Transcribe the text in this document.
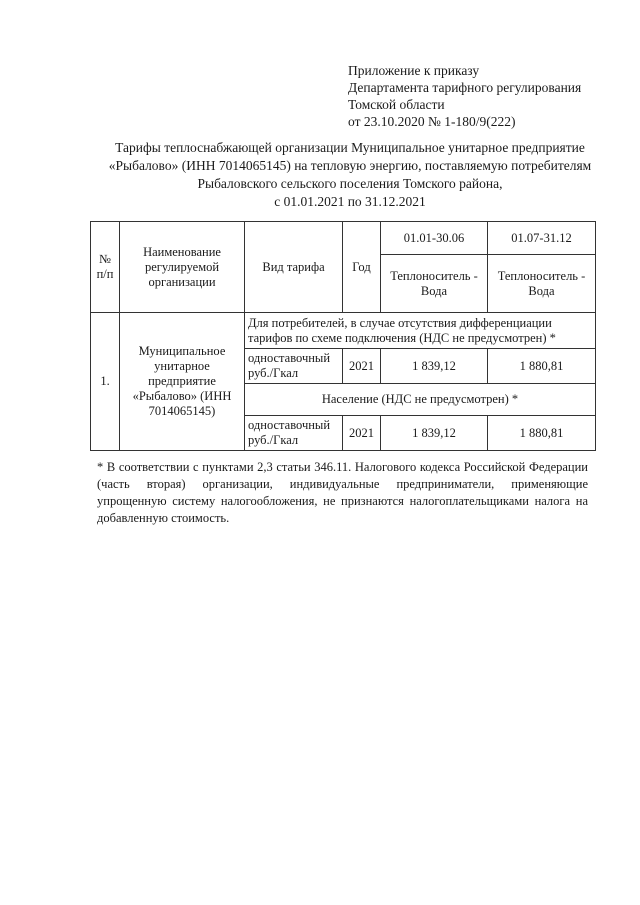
Приложение к приказу
Департамента тарифного регулирования
Томской области
от 23.10.2020 № 1-180/9(222)
Тарифы теплоснабжающей организации Муниципальное унитарное предприятие
«Рыбалово» (ИНН 7014065145) на тепловую энергию, поставляемую потребителям
Рыбаловского сельского поселения Томского района,
с 01.01.2021 по 31.12.2021
№ п/п	Наименование регулируемой организации	Вид тарифа	Год	01.01-30.06	01.07-31.12
				Теплоноситель - Вода	Теплоноситель - Вода
1.	Муниципальное унитарное предприятие «Рыбалово» (ИНН 7014065145)	Для потребителей, в случае отсутствия дифференциации тарифов по схеме подключения (НДС не предусмотрен) *			
		одноставочный руб./Гкал	2021	1 839,12	1 880,81
		Население (НДС не предусмотрен) *			
		одноставочный руб./Гкал	2021	1 839,12	1 880,81
* В соответствии с пунктами 2,3 статьи 346.11. Налогового кодекса Российской Федерации (часть вторая) организации, индивидуальные предприниматели, применяющие упрощенную систему налогообложения, не признаются налогоплательщиками налога на добавленную стоимость.
